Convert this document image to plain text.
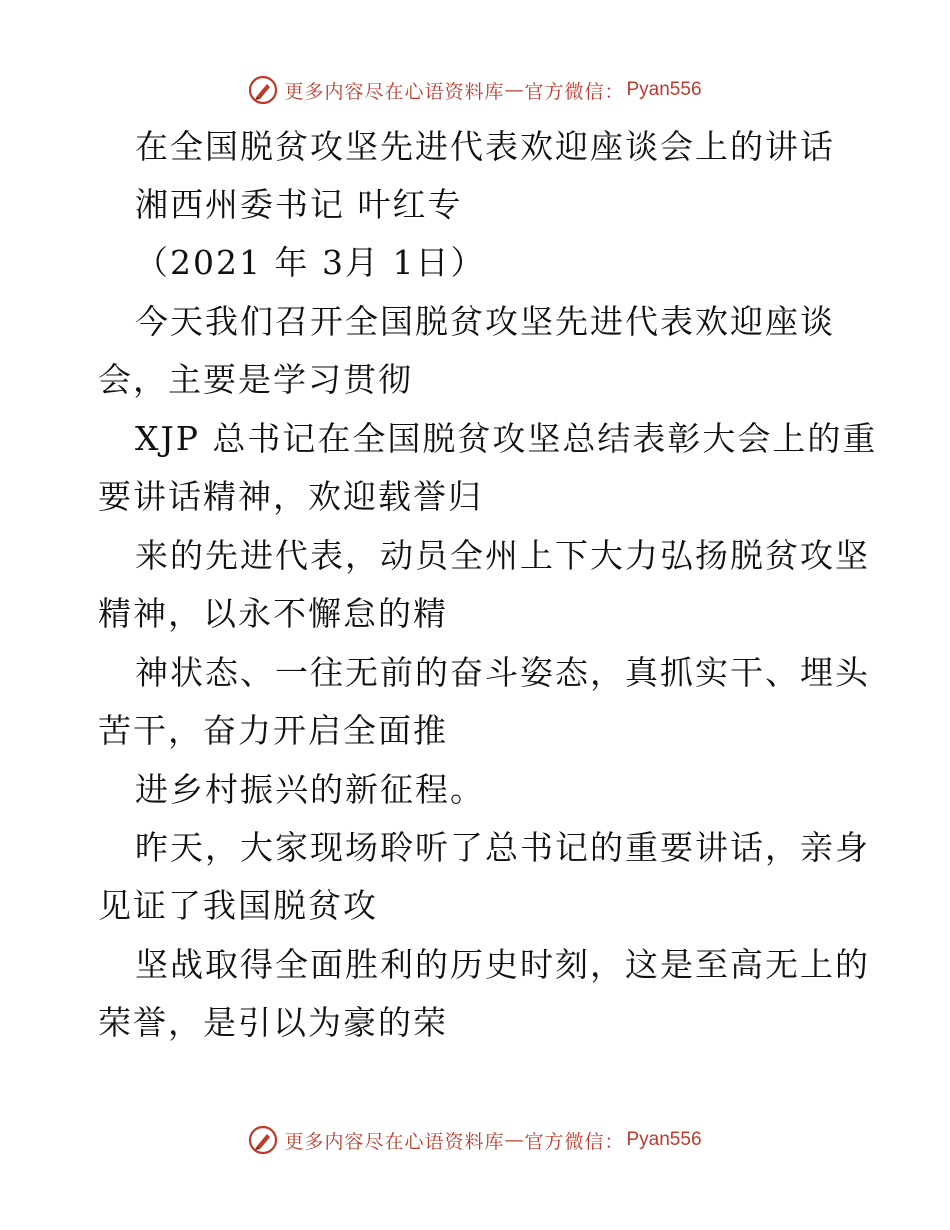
更多内容尽在心语资料库 — 官方微信： Pyan556
在全国脱贫攻坚先进代表欢迎座谈会上的讲话
湘西州委书记 叶红专
（2021 年 3月 1日）
今天我们召开全国脱贫攻坚先进代表欢迎座谈
会，主要是学习贯彻
XJP 总书记在全国脱贫攻坚总结表彰大会上的重
要讲话精神，欢迎载誉归
来的先进代表，动员全州上下大力弘扬脱贫攻坚
精神，以永不懈怠的精
神状态、一往无前的奋斗姿态，真抓实干、埋头
苦干，奋力开启全面推
进乡村振兴的新征程。
昨天，大家现场聆听了总书记的重要讲话，亲身
见证了我国脱贫攻
坚战取得全面胜利的历史时刻，这是至高无上的
荣誉，是引以为豪的荣
更多内容尽在心语资料库 — 官方微信： Pyan556
